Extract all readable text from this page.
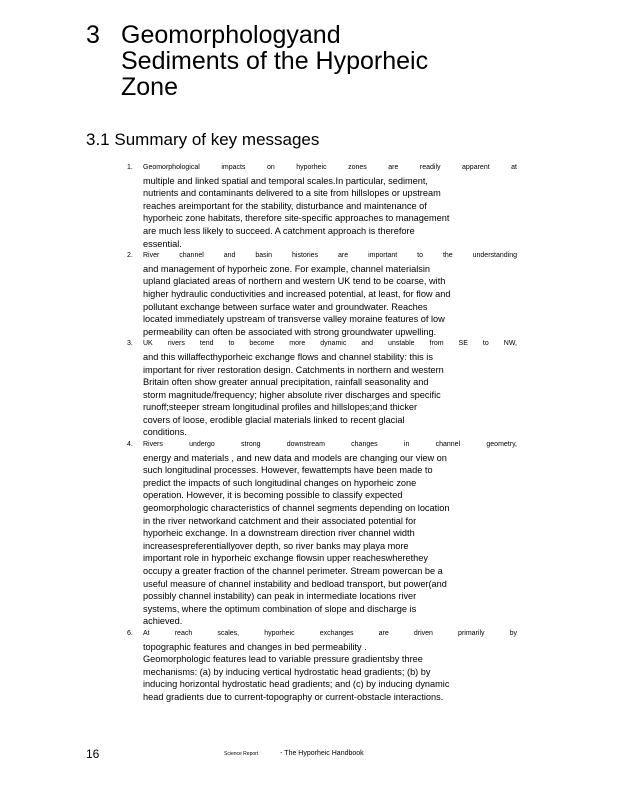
3 Geomorphologyand
Sediments of the Hyporheic
Zone
3.1 Summary of key messages
1.	Geomorphological impacts on hyporheic zones are readily apparent at
multiple and linked spatial and temporal scales.In particular, sediment,
nutrients and contaminants delivered to a site from hillslopes or upstream
reaches areimportant for the stability, disturbance and maintenance of
hyporheic zone habitats, therefore site-specific approaches to management
are much less likely to succeed. A catchment approach is therefore
essential.
2.	River channel and basin histories are important to the understanding
and management of hyporheic zone. For example, channel materialsin
upland glaciated areas of northern and western UK tend to be coarse, with
higher hydraulic conductivities and increased potential, at least, for flow and
pollutant exchange between surface water and groundwater. Reaches
located immediately upstream of transverse valley moraine features of low
permeability can often be associated with strong groundwater upwelling.
3.	UK rivers tend to become more dynamic and unstable from SE to NW,
and this willaffecthyporheic exchange flows and channel stability: this is
important for river restoration design. Catchments in northern and western
Britain often show greater annual precipitation, rainfall seasonality and
storm magnitude/frequency; higher absolute river discharges and specific
runoff;steeper stream longitudinal profiles and hillslopes;and thicker
covers of loose, erodible glacial materials linked to recent glacial
conditions.
4.	Rivers undergo strong downstream changes in channel geometry,
energy and materials , and new data and models are changing our view on
such longitudinal processes. However, fewattempts have been made to
predict the impacts of such longitudinal changes on hyporheic zone
operation. However, it is becoming possible to classify expected
geomorphologic characteristics of channel segments depending on location
in the river networkand catchment and their associated potential for
hyporheic exchange. In a downstream direction river channel width
increasespreferentiallyover depth, so river banks may playa more
important role in hyporheic exchange flowsin upper reacheswherethey
occupy a greater fraction of the channel perimeter. Stream powercan be a
useful measure of channel instability and bedload transport, but power(and
possibly channel instability) can peak in intermediate locations river
systems, where the optimum combination of slope and discharge is
achieved.
6.	At reach scales, hyporheic exchanges are driven primarily by
topographic features and changes in bed permeability .
Geomorphologic features lead to variable pressure gradientsby three
mechanisms: (a) by inducing vertical hydrostatic head gradients; (b) by
inducing horizontal hydrostatic head gradients; and (c) by inducing dynamic
head gradients due to current-topography or current-obstacle interactions.
16	Science Report	- The Hyporheic Handbook
